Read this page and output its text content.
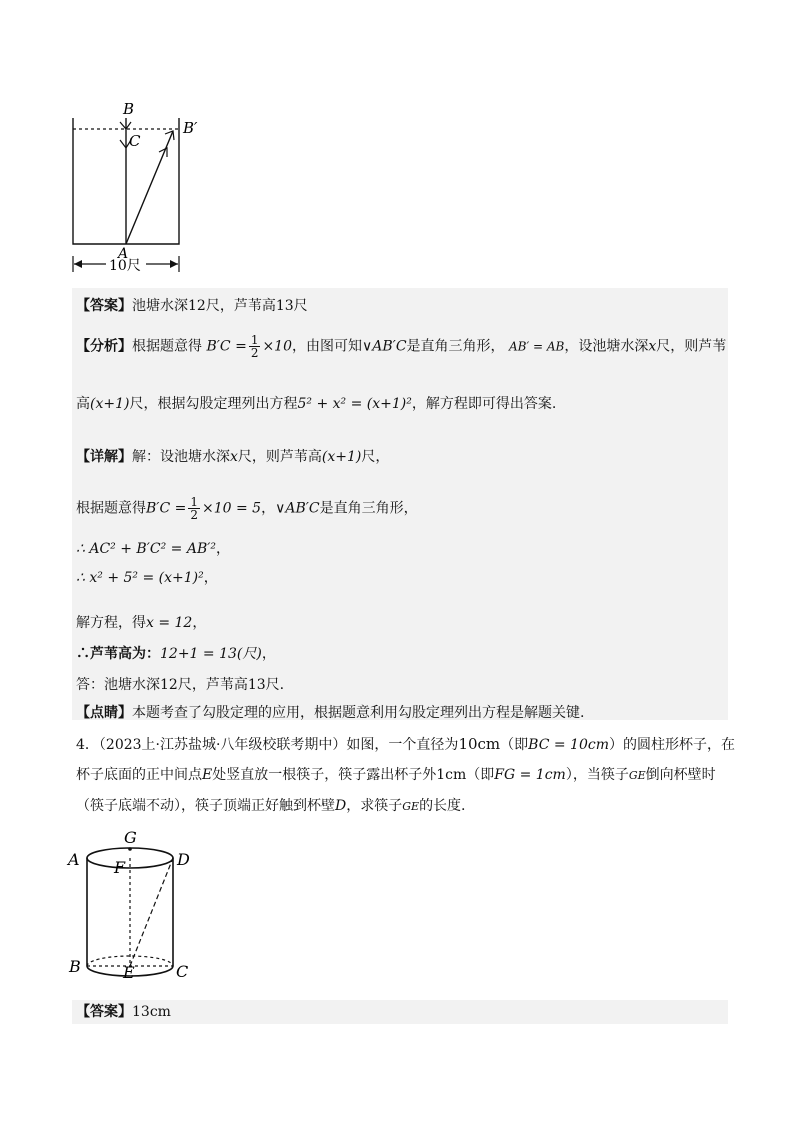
B
C
B′
A
10尺
【答案】池塘水深12尺，芦苇高13尺
【分析】根据题意得 $B'C = \frac{1}{2} \times 10$，由图可知∨AB′C是直角三角形， AB′ = AB，设池塘水深x尺，则芦苇
高(x+1)尺，根据勾股定理列出方程5² + x² = (x+1)²，解方程即可得出答案.
【详解】解：设池塘水深x尺，则芦苇高(x+1)尺，
根据题意得$B'C = \frac{1}{2} \times 10 = 5$，∨AB′C是直角三角形，
∴ AC² + B′C² = AB′²，
∴ x² + 5² = (x+1)²，
解方程，得x = 12，
∴芦苇高为：12+1 = 13(尺)，
答：池塘水深12尺，芦苇高13尺.
【点睛】本题考查了勾股定理的应用，根据题意利用勾股定理列出方程是解题关键.
4．（2023上·江苏盐城·八年级校联考期中）如图，一个直径为10cm（即BC = 10cm）的圆柱形杯子，在
杯子底面的正中间点E处竖直放一根筷子，筷子露出杯子外1cm（即FG = 1cm），当筷子GE倒向杯壁时
（筷子底端不动），筷子顶端正好触到杯壁D，求筷子GE的长度.
G
A F	D
B	E	C
【答案】13cm
